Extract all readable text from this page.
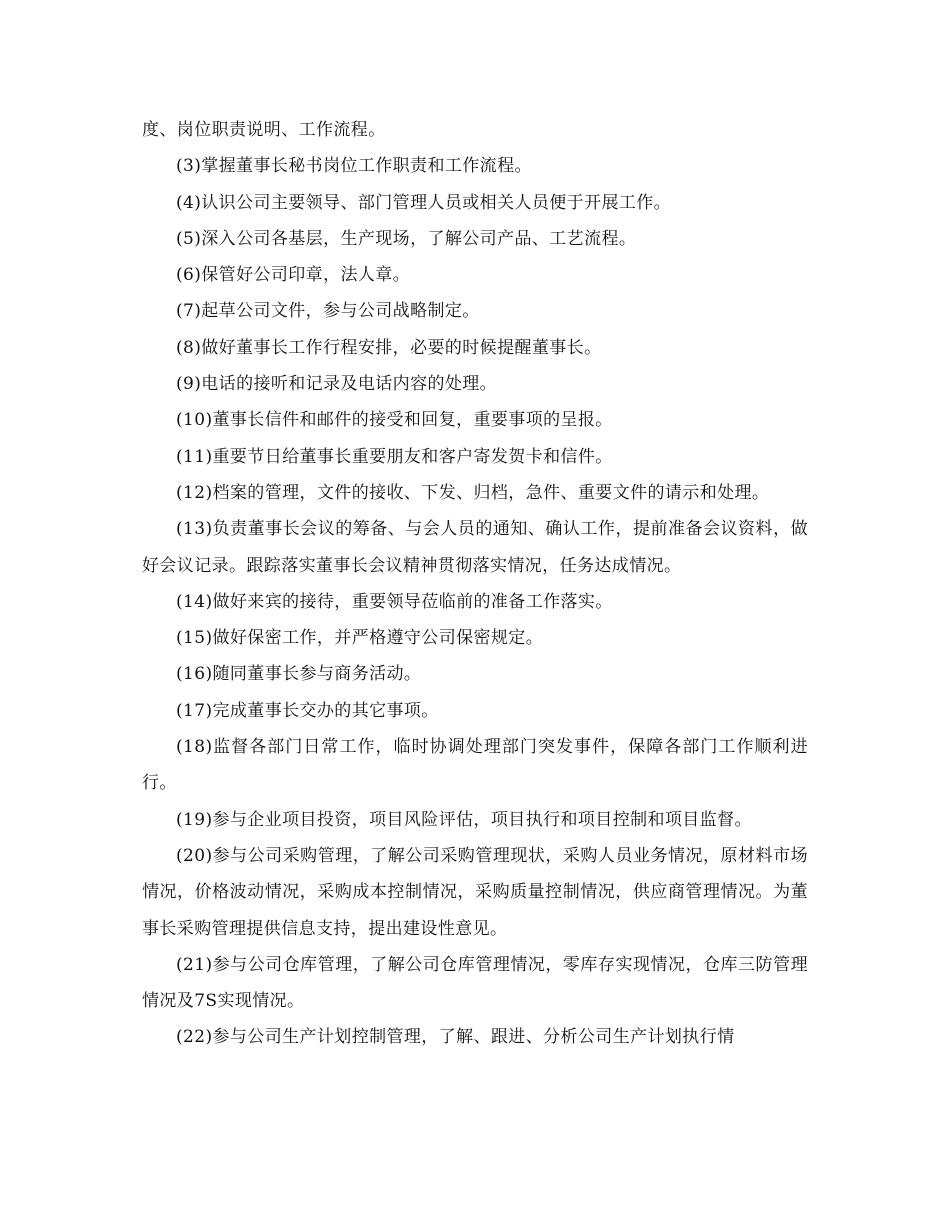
度、岗位职责说明、工作流程。

(3)掌握董事长秘书岗位工作职责和工作流程。

(4)认识公司主要领导、部门管理人员或相关人员便于开展工作。

(5)深入公司各基层，生产现场，了解公司产品、工艺流程。

(6)保管好公司印章，法人章。

(7)起草公司文件，参与公司战略制定。

(8)做好董事长工作行程安排，必要的时候提醒董事长。

(9)电话的接听和记录及电话内容的处理。

(10)董事长信件和邮件的接受和回复，重要事项的呈报。

(11)重要节日给董事长重要朋友和客户寄发贺卡和信件。

(12)档案的管理，文件的接收、下发、归档，急件、重要文件的请示和处理。

(13)负责董事长会议的筹备、与会人员的通知、确认工作，提前准备会议资料，做好会议记录。跟踪落实董事长会议精神贯彻落实情况，任务达成情况。

(14)做好来宾的接待，重要领导莅临前的准备工作落实。

(15)做好保密工作，并严格遵守公司保密规定。

(16)随同董事长参与商务活动。

(17)完成董事长交办的其它事项。

(18)监督各部门日常工作，临时协调处理部门突发事件，保障各部门工作顺利进行。

(19)参与企业项目投资，项目风险评估，项目执行和项目控制和项目监督。

(20)参与公司采购管理，了解公司采购管理现状，采购人员业务情况，原材料市场情况，价格波动情况，采购成本控制情况，采购质量控制情况，供应商管理情况。为董事长采购管理提供信息支持，提出建设性意见。

(21)参与公司仓库管理，了解公司仓库管理情况，零库存实现情况，仓库三防管理情况及7S实现情况。

(22)参与公司生产计划控制管理，了解、跟进、分析公司生产计划执行情
